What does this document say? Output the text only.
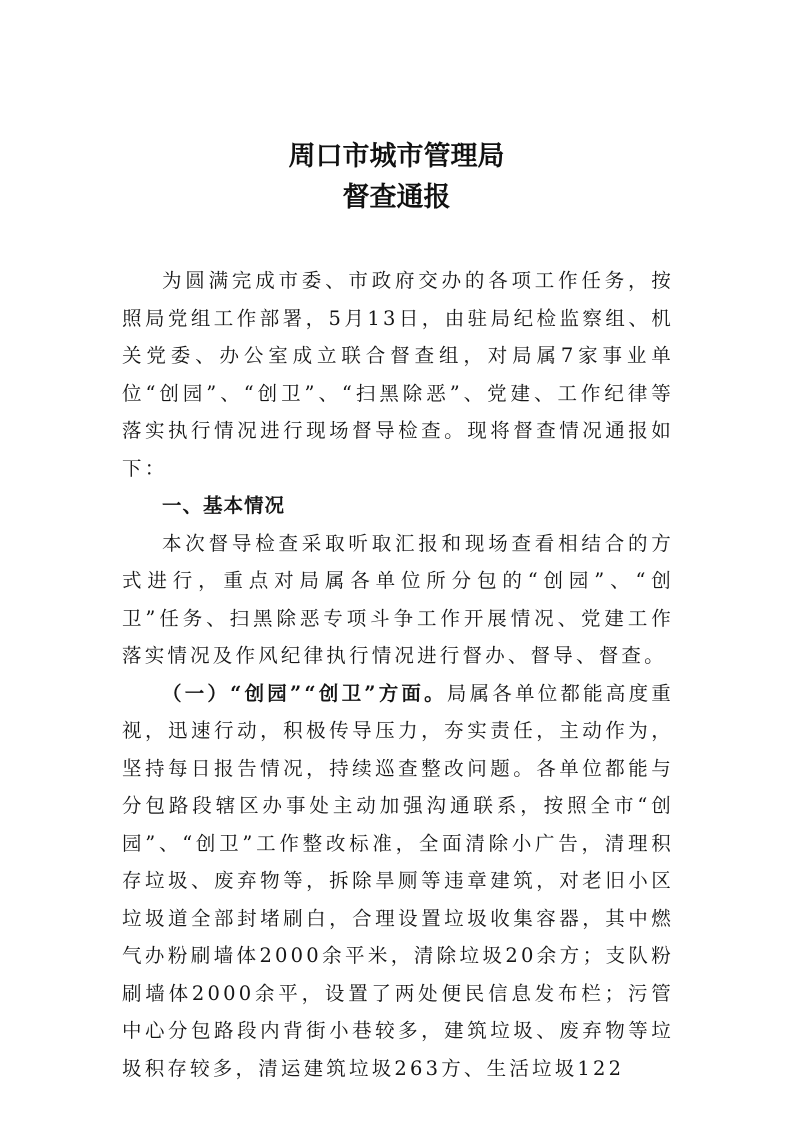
周口市城市管理局
督查通报

为圆满完成市委、市政府交办的各项工作任务，按照局党组工作部署，5月13日，由驻局纪检监察组、机关党委、办公室成立联合督查组，对局属7家事业单位“创园”、“创卫”、“扫黑除恶”、党建、工作纪律等落实执行情况进行现场督导检查。现将督查情况通报如下：

一、基本情况

本次督导检查采取听取汇报和现场查看相结合的方式进行，重点对局属各单位所分包的“创园”、“创卫”任务、扫黑除恶专项斗争工作开展情况、党建工作落实情况及作风纪律执行情况进行督办、督导、督查。

（一）“创园”“创卫”方面。局属各单位都能高度重视，迅速行动，积极传导压力，夯实责任，主动作为，坚持每日报告情况，持续巡查整改问题。各单位都能与分包路段辖区办事处主动加强沟通联系，按照全市“创园”、“创卫”工作整改标准，全面清除小广告，清理积存垃圾、废弃物等，拆除旱厕等违章建筑，对老旧小区垃圾道全部封堵刷白，合理设置垃圾收集容器，其中燃气办粉刷墙体2000余平米，清除垃圾20余方；支队粉刷墙体2000余平，设置了两处便民信息发布栏；污管中心分包路段内背街小巷较多，建筑垃圾、废弃物等垃圾积存较多，清运建筑垃圾263方、生活垃圾122
